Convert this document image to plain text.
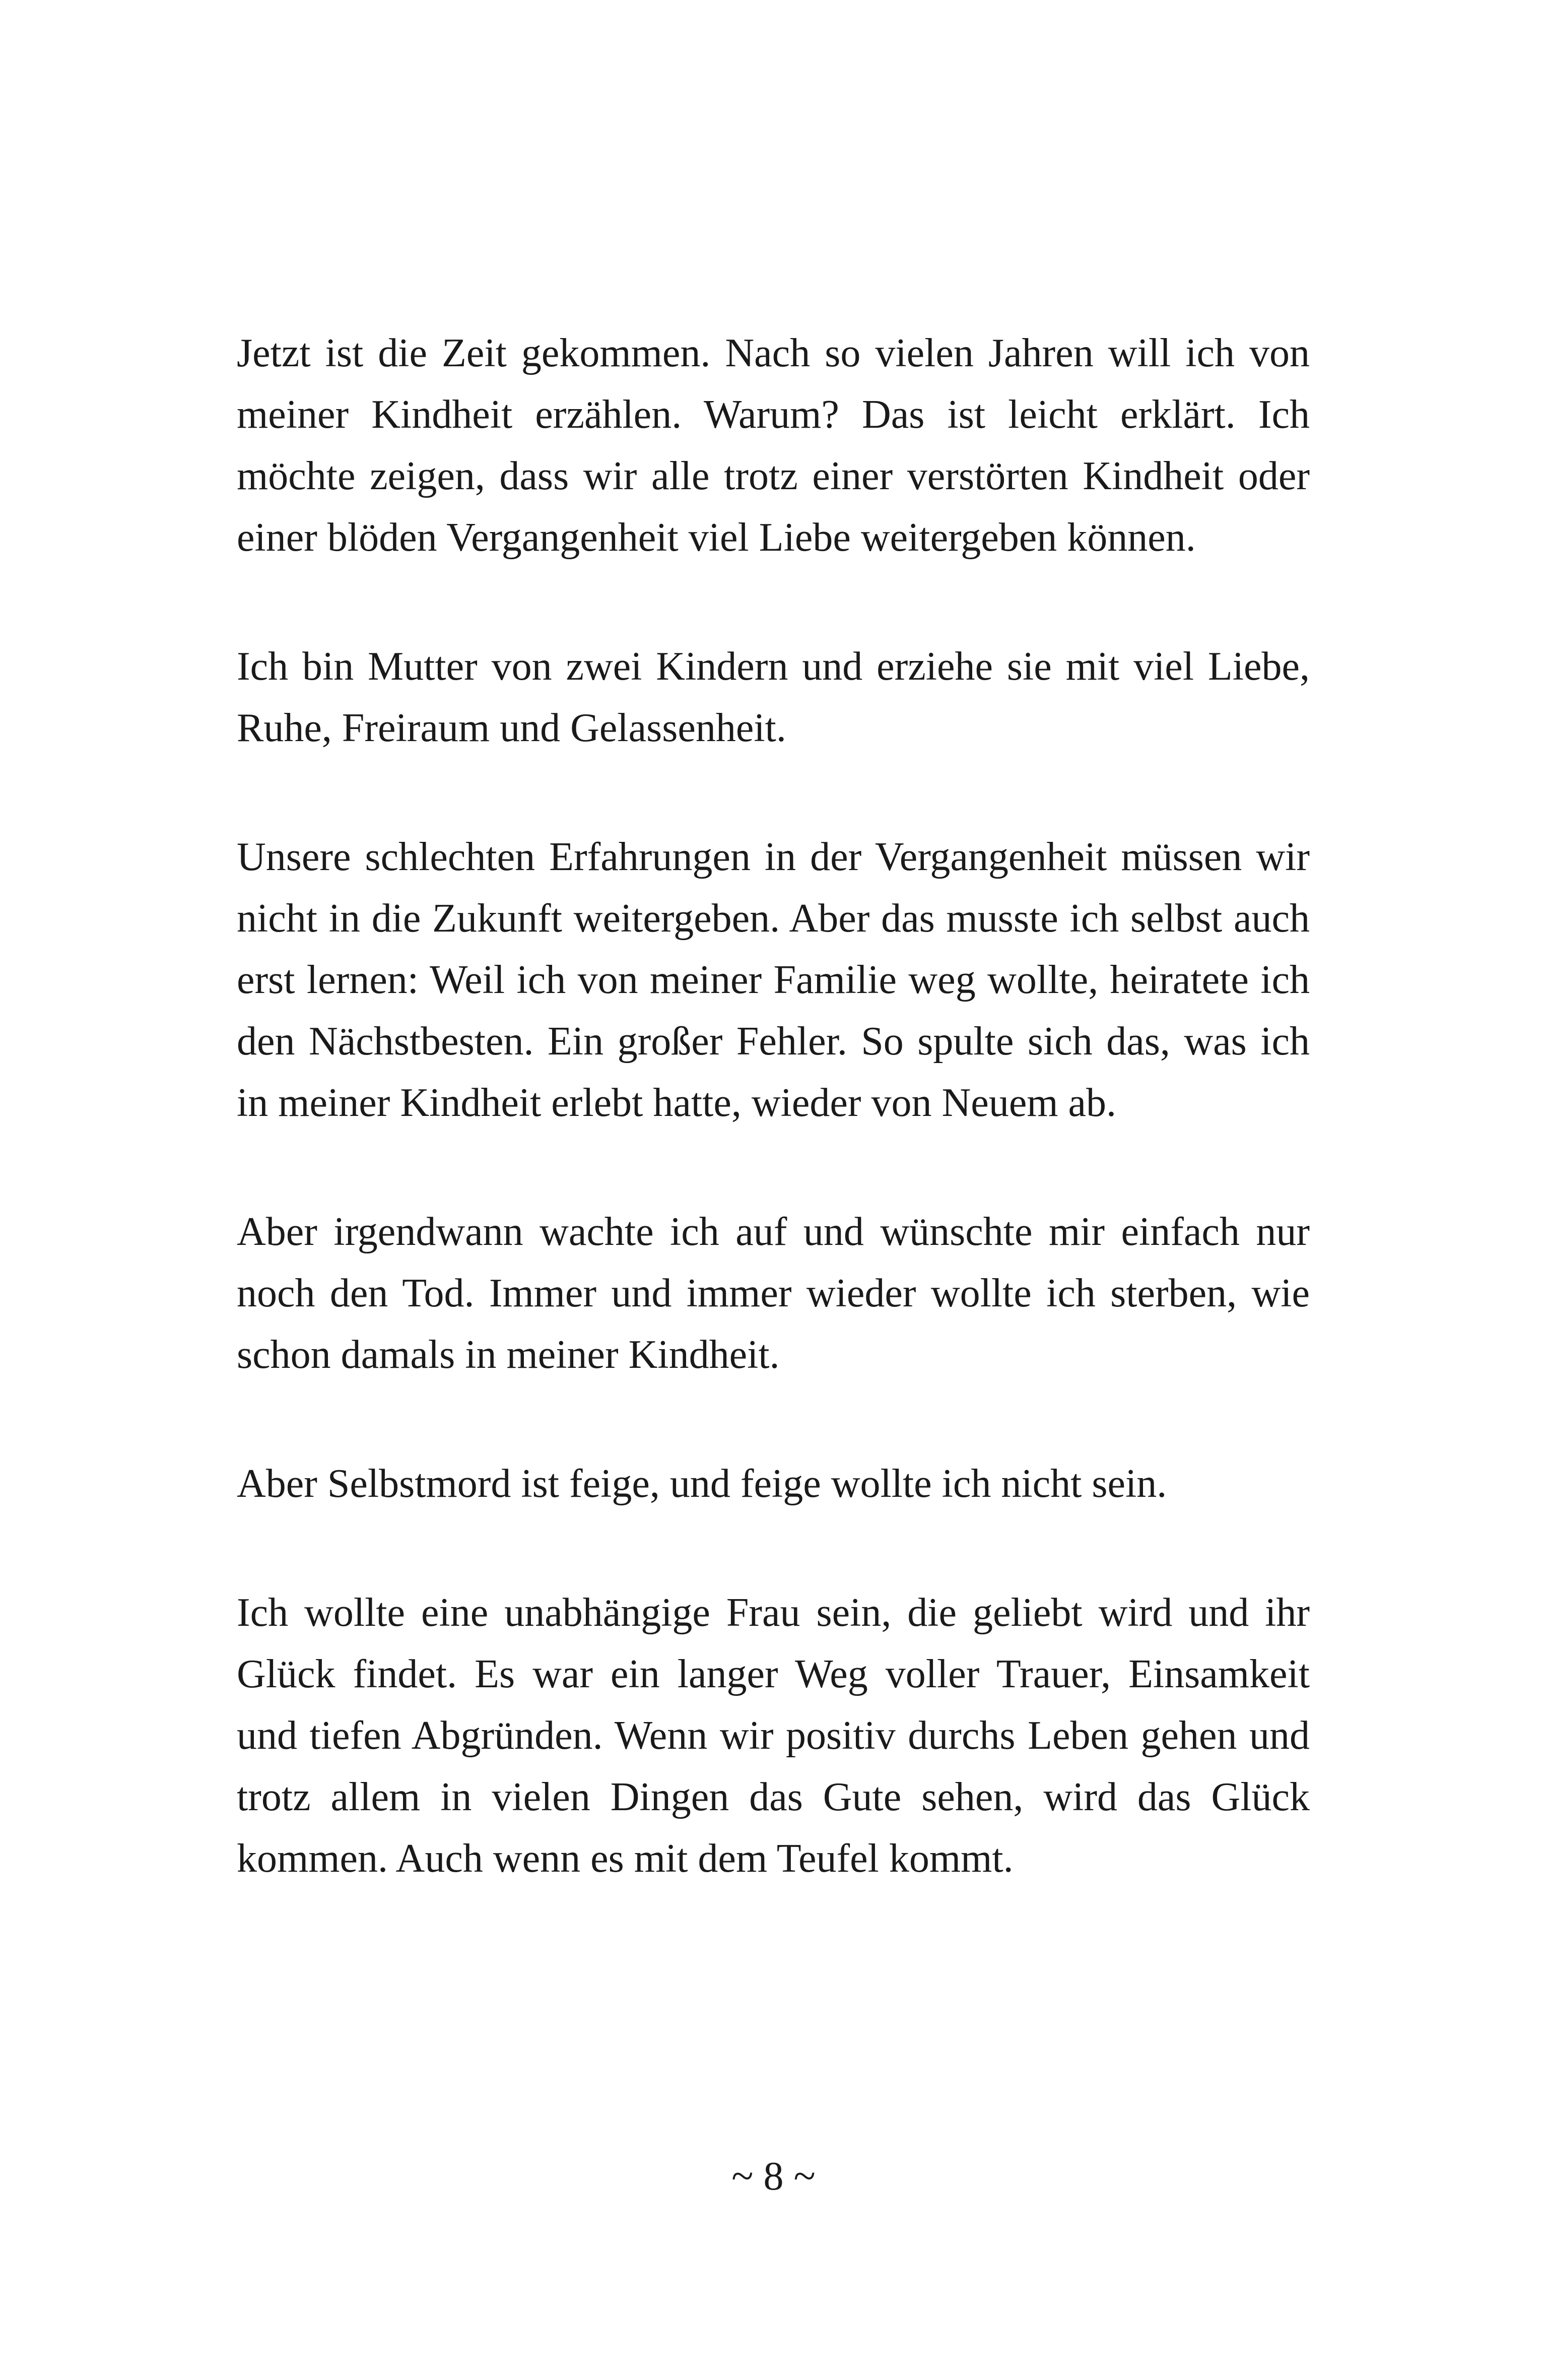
Jetzt ist die Zeit gekommen. Nach so vielen Jahren will ich von meiner Kindheit erzählen. Warum? Das ist leicht erklärt. Ich möchte zeigen, dass wir alle trotz einer verstörten Kindheit oder einer blöden Vergangenheit viel Liebe weitergeben können.

Ich bin Mutter von zwei Kindern und erziehe sie mit viel Liebe, Ruhe, Freiraum und Gelassenheit.

Unsere schlechten Erfahrungen in der Vergangenheit müssen wir nicht in die Zukunft weitergeben. Aber das musste ich selbst auch erst lernen: Weil ich von meiner Familie weg wollte, heiratete ich den Nächstbesten. Ein großer Fehler. So spulte sich das, was ich in meiner Kindheit erlebt hatte, wieder von Neuem ab.

Aber irgendwann wachte ich auf und wünschte mir einfach nur noch den Tod. Immer und immer wieder wollte ich sterben, wie schon damals in meiner Kindheit.

Aber Selbstmord ist feige, und feige wollte ich nicht sein.

Ich wollte eine unabhängige Frau sein, die geliebt wird und ihr Glück findet. Es war ein langer Weg voller Trauer, Einsamkeit und tiefen Abgründen. Wenn wir positiv durchs Leben gehen und trotz allem in vielen Dingen das Gute sehen, wird das Glück kommen. Auch wenn es mit dem Teufel kommt.

~ 8 ~
